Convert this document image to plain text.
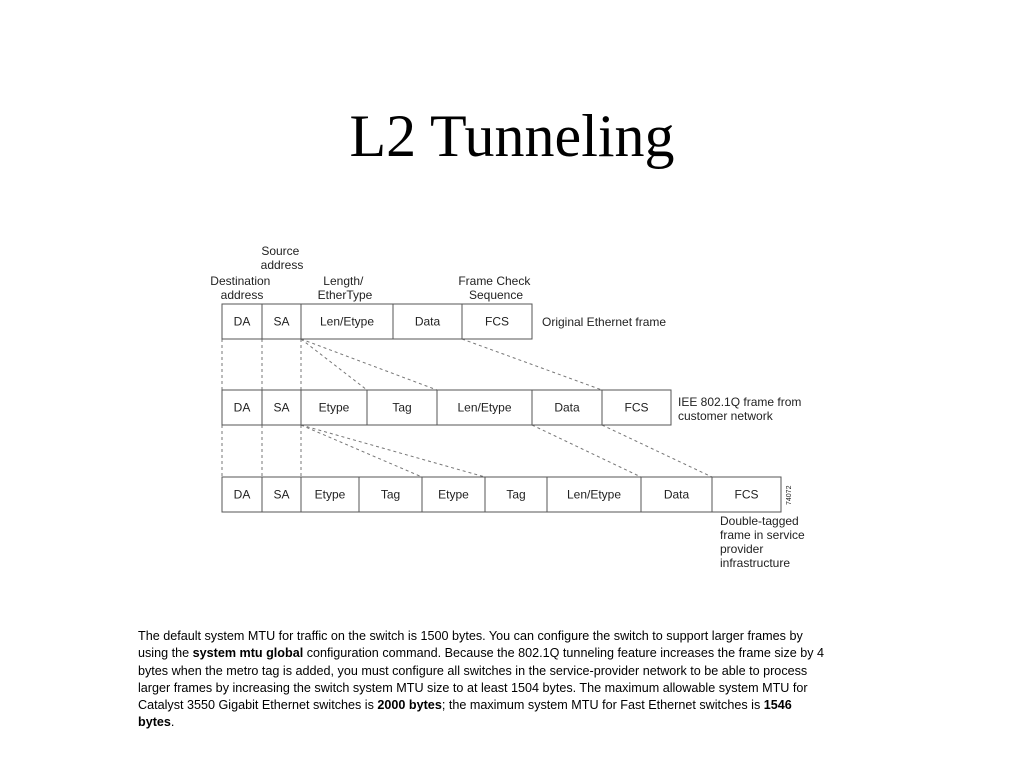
L2 Tunneling
Source address
Destination address
Length/ EtherType
Frame Check Sequence
DA SA	Len/Etype	Data	FCS	Original Ethernet frame
DA SA Etype	Tag	Len/Etype	Data	FCS IEE 802.1Q frame from customer network
DA SA Etype	Tag	Etype	Tag	Len/Etype	Data	FCS
Double-tagged frame in service provider infrastructure
74072

The default system MTU for traffic on the switch is 1500 bytes. You can configure the switch to support larger frames by using the system mtu global configuration command. Because the 802.1Q tunneling feature increases the frame size by 4 bytes when the metro tag is added, you must configure all switches in the service-provider network to be able to process larger frames by increasing the switch system MTU size to at least 1504 bytes. The maximum allowable system MTU for Catalyst 3550 Gigabit Ethernet switches is 2000 bytes; the maximum system MTU for Fast Ethernet switches is 1546 bytes.
